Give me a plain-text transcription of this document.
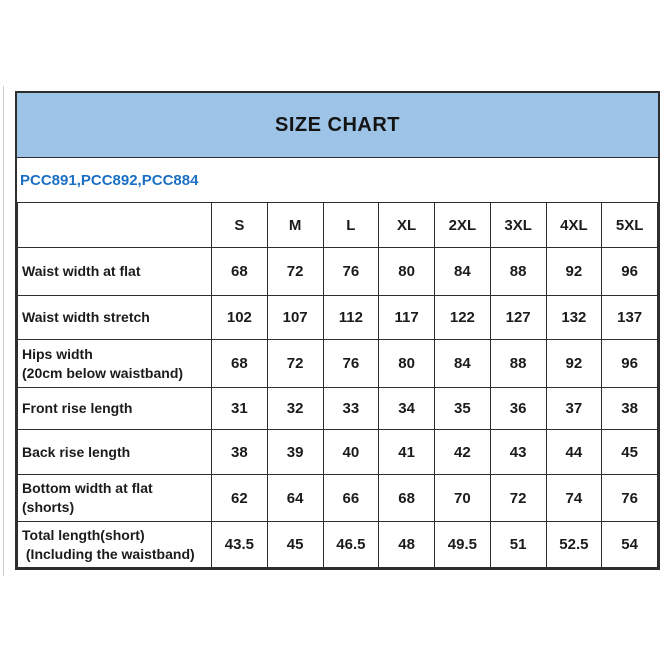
SIZE CHART
PCC891,PCC892,PCC884
	S	M	L	XL	2XL	3XL	4XL	5XL

Waist width at flat	68	72	76	80	84	88	92	96

Waist width stretch	102	107	112	117	122	127	132	137

Hips width
(20cm below waistband)	68	72	76	80	84	88	92	96

Front rise length	31	32	33	34	35	36	37	38

Back rise length	38	39	40	41	42	43	44	45

Bottom width at flat
(shorts)	62	64	66	68	70	72	74	76

Total length(short)
(Including the waistband)	43.5	45	46.5	48	49.5	51	52.5	54
